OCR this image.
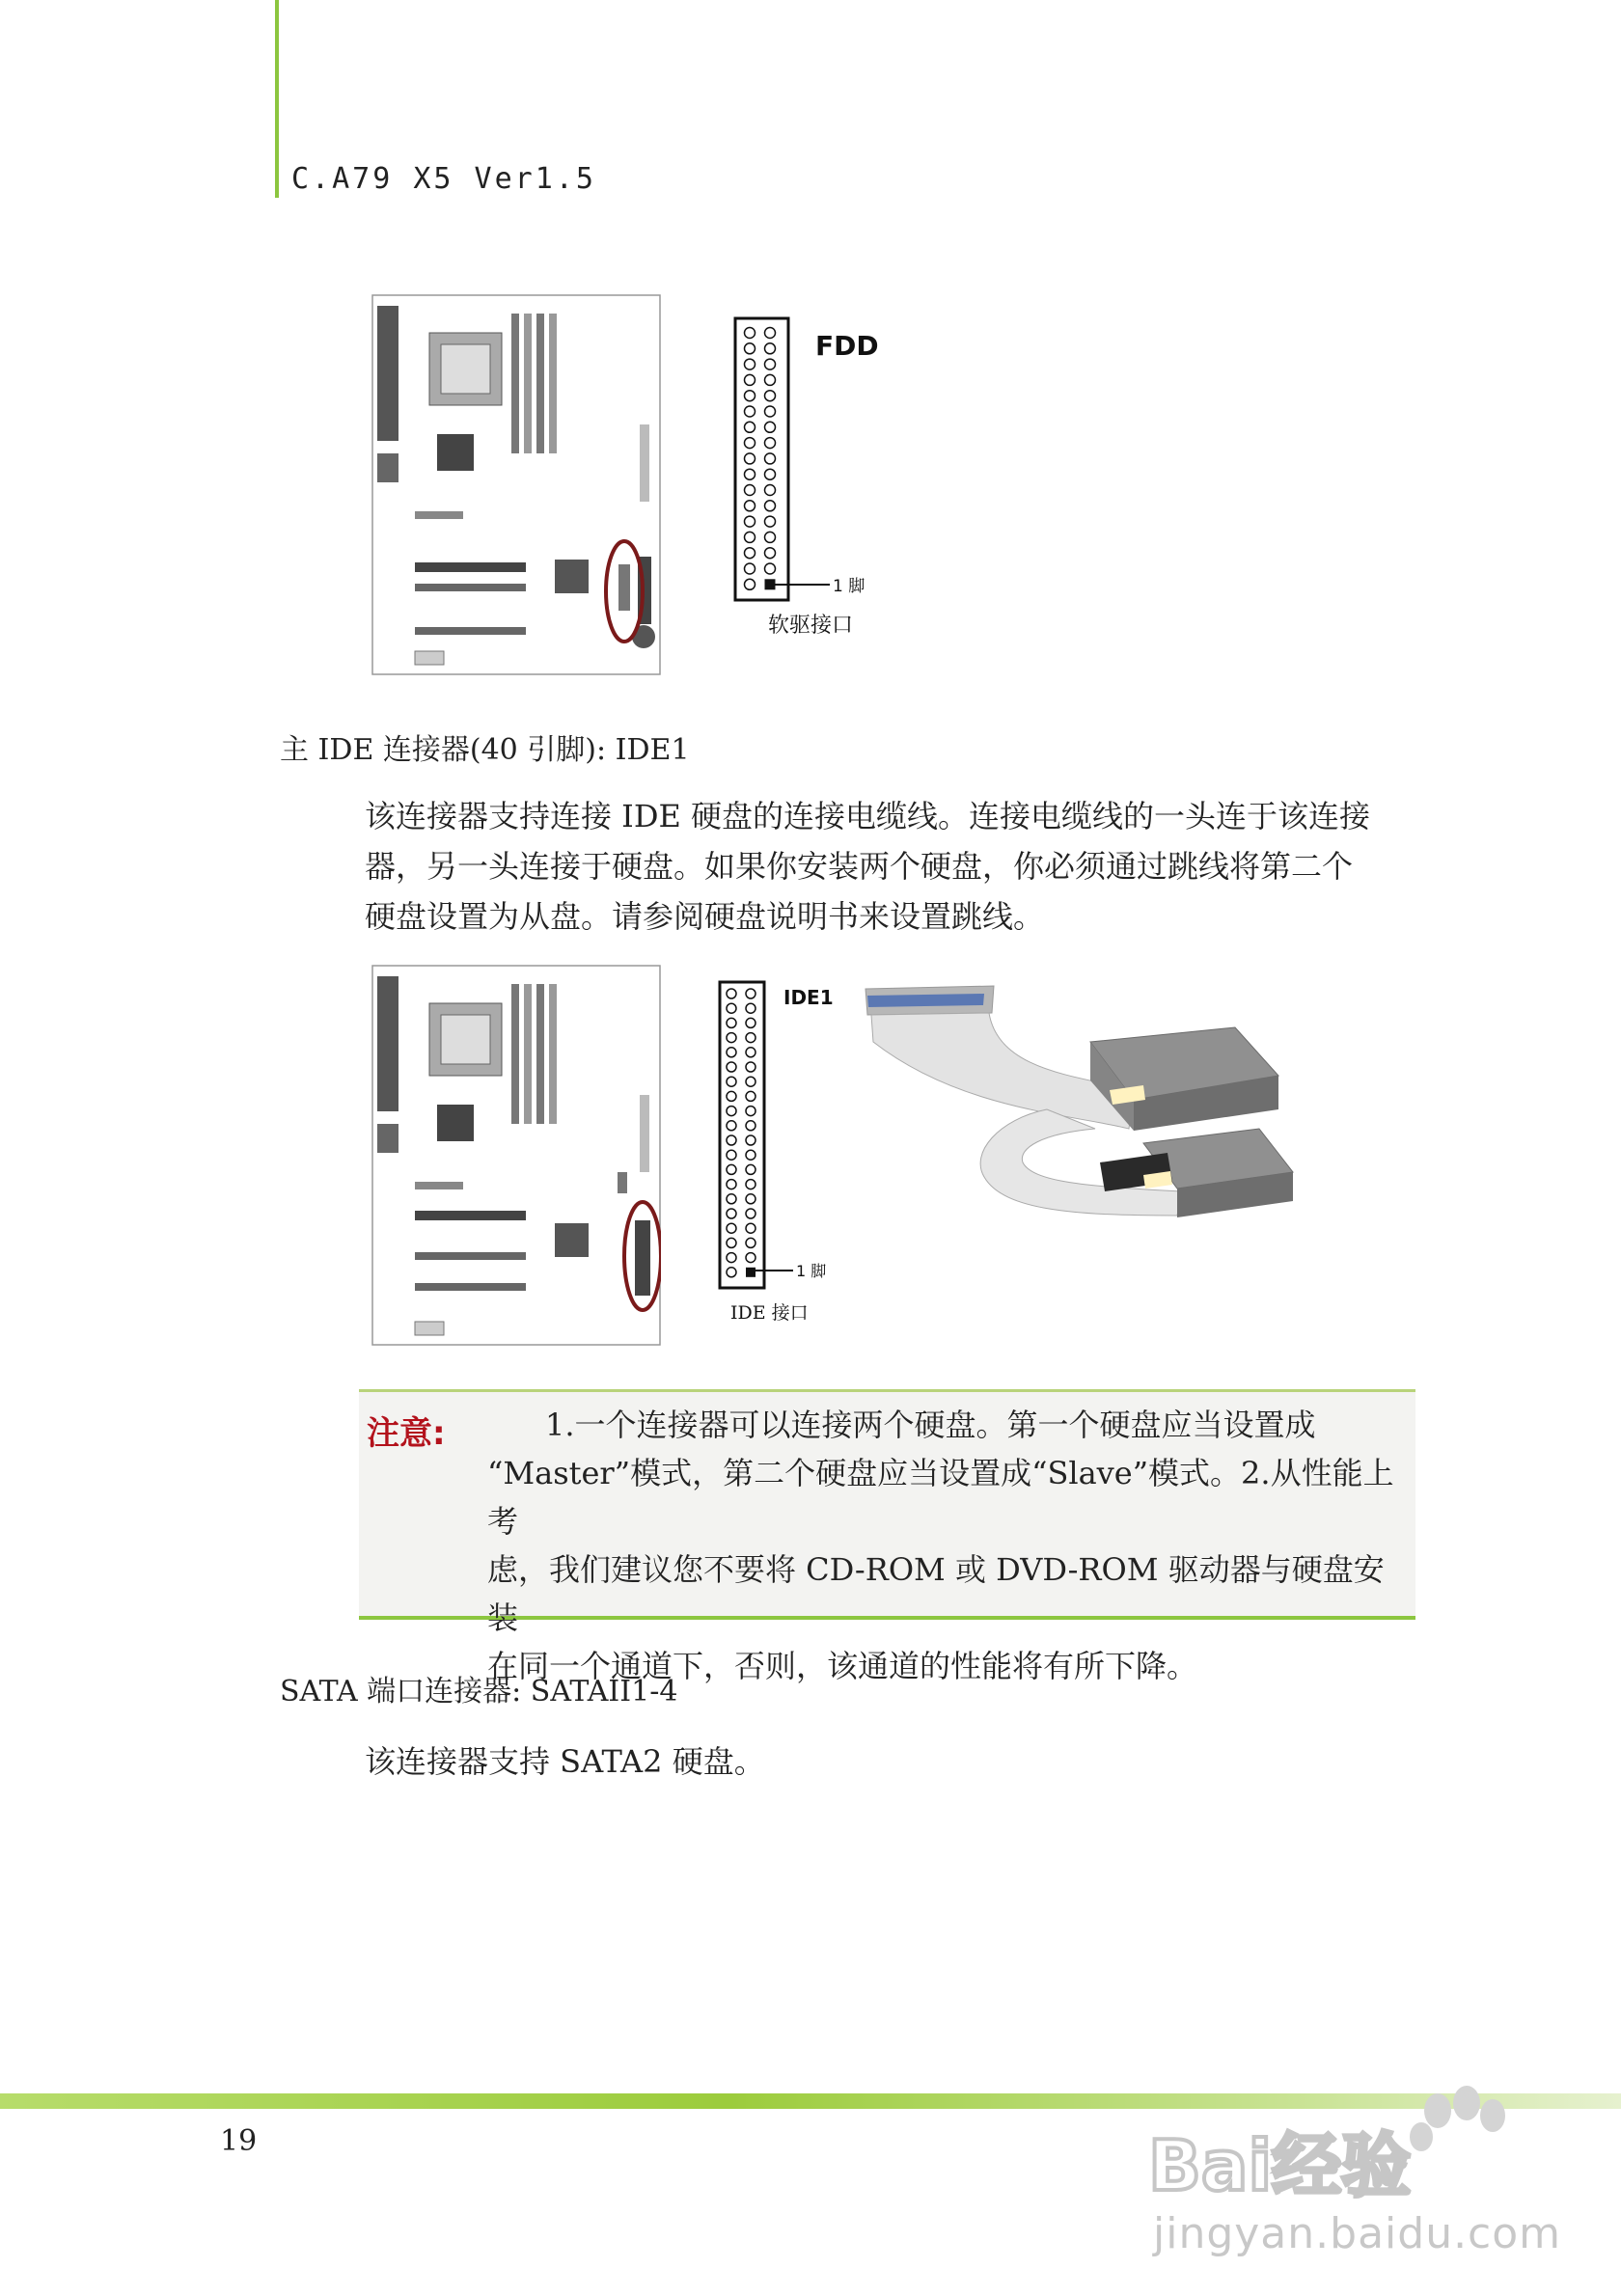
C.A79 X5 Ver1.5
FDD
1 脚
软驱接口
主 IDE 连接器(40 引脚): IDE1
该连接器支持连接 IDE 硬盘的连接电缆线。连接电缆线的一头连于该连接
器，另一头连接于硬盘。如果你安装两个硬盘，你必须通过跳线将第二个
硬盘设置为从盘。请参阅硬盘说明书来设置跳线。
IDE1
1 脚
IDE 接口
注意:	1.一个连接器可以连接两个硬盘。第一个硬盘应当设置成
“Master”模式，第二个硬盘应当设置成“Slave”模式。2.从性能上考
虑，我们建议您不要将 CD-ROM 或 DVD-ROM 驱动器与硬盘安装
在同一个通道下，否则，该通道的性能将有所下降。
SATA 端口连接器: SATAII1-4
该连接器支持 SATA2 硬盘。
19	Bai经验
jingyan.baidu.com
